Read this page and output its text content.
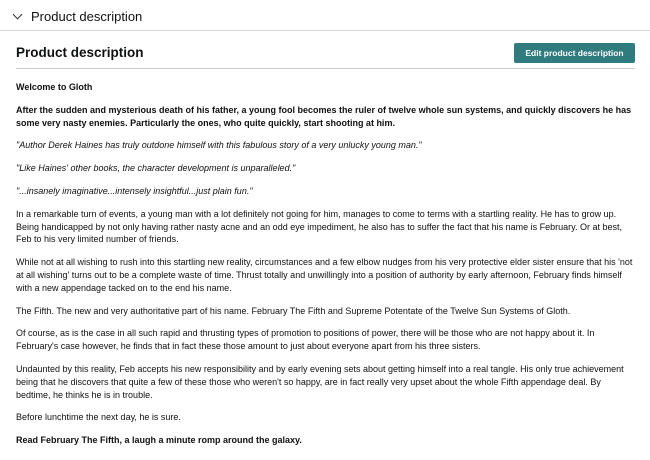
Product description
Product description	Edit product description

Welcome to Gloth

After the sudden and mysterious death of his father, a young fool becomes the ruler of twelve whole sun systems, and quickly discovers he has some very nasty enemies. Particularly the ones, who quite quickly, start shooting at him.

"Author Derek Haines has truly outdone himself with this fabulous story of a very unlucky young man."

"Like Haines' other books, the character development is unparalleled."

"...insanely imaginative...intensely insightful...just plain fun."

In a remarkable turn of events, a young man with a lot definitely not going for him, manages to come to terms with a startling reality. He has to grow up. Being handicapped by not only having rather nasty acne and an odd eye impediment, he also has to suffer the fact that his name is February. Or at best, Feb to his very limited number of friends.

While not at all wishing to rush into this startling new reality, circumstances and a few elbow nudges from his very protective elder sister ensure that his 'not at all wishing' turns out to be a complete waste of time. Thrust totally and unwillingly into a position of authority by early afternoon, February finds himself with a new appendage tacked on to the end his name.

The Fifth. The new and very authoritative part of his name. February The Fifth and Supreme Potentate of the Twelve Sun Systems of Gloth.

Of course, as is the case in all such rapid and thrusting types of promotion to positions of power, there will be those who are not happy about it. In February's case however, he finds that in fact these those amount to just about everyone apart from his three sisters.

Undaunted by this reality, Feb accepts his new responsibility and by early evening sets about getting himself into a real tangle. His only true achievement being that he discovers that quite a few of these those who weren't so happy, are in fact really very upset about the whole Fifth appendage deal. By bedtime, he thinks he is in trouble.

Before lunchtime the next day, he is sure.

Read February The Fifth, a laugh a minute romp around the galaxy.
